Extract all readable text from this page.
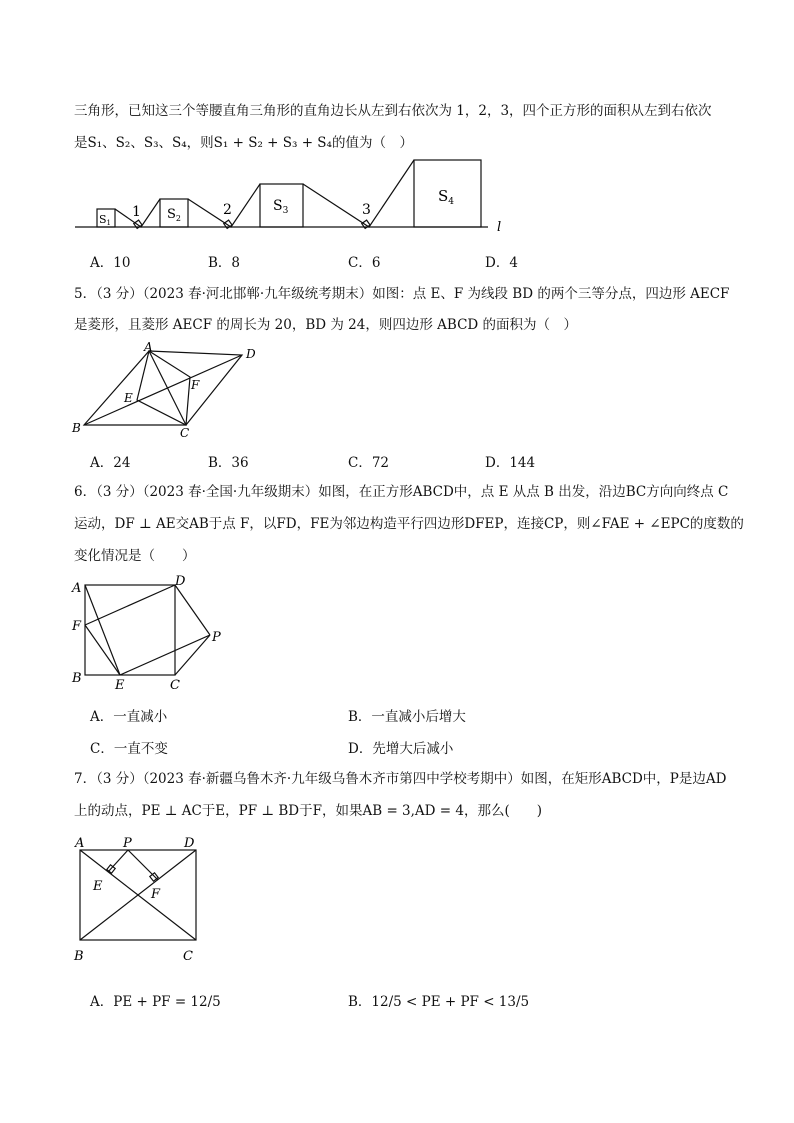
三角形，已知这三个等腰直角三角形的直角边长从左到右依次为 1，2，3，四个正方形的面积从左到右依次
是S₁、S₂、S₃、S₄，则S₁ + S₂ + S₃ + S₄的值为（　）
l
S1
$S_2$
$S_3$
$S_4$
1	2	3
A．10	B．8	C．6	D．4
5．（3 分）（2023 春·河北邯郸·九年级统考期末）如图：点 E、F 为线段 BD 的两个三等分点，四边形 AECF
是菱形，且菱形 AECF 的周长为 20，BD 为 24，则四边形 ABCD 的面积为（　）
A
B	C
D
E
F
A．24	B．36	C．72	D．144
6．（3 分）（2023 春·全国·九年级期末）如图，在正方形ABCD中，点 E 从点 B 出发，沿边BC方向向终点 C
运动，DF ⊥ AE交AB于点 F，以FD，FE为邻边构造平行四边形DFEP，连接CP，则∠FAE + ∠EPC的度数的
变化情况是（　　）
A
B	C
D
E
F
P
A．一直减小	B．一直减小后增大
C．一直不变	D．先增大后减小
7．（3 分）（2023 春·新疆乌鲁木齐·九年级乌鲁木齐市第四中学校考期中）如图，在矩形ABCD中，P是边AD
上的动点，PE ⊥ AC于E，PF ⊥ BD于F，如果AB = 3,AD = 4，那么(　　)
A
B	C
D
E
F
P
A．PE + PF = 12/5	B．12/5 < PE + PF < 13/5
